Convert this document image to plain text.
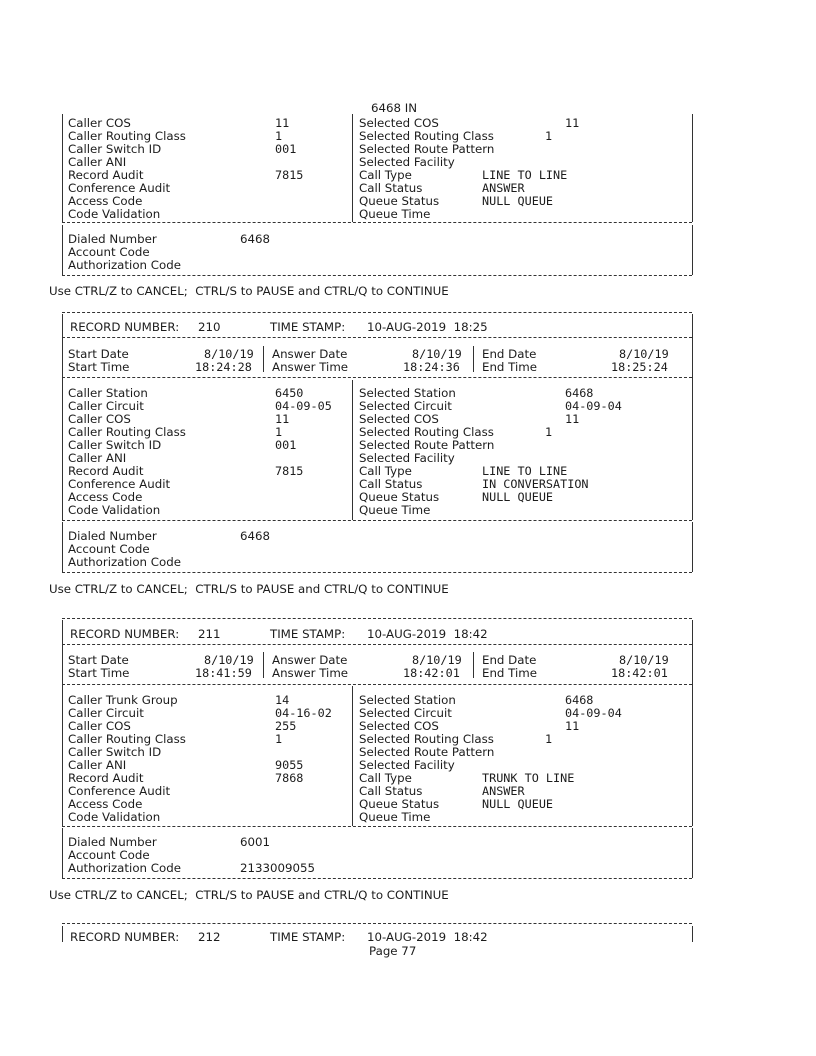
6468 IN
Caller COS	11	Selected COS	11
Caller Routing Class	1	Selected Routing Class	1
Caller Switch ID	001	Selected Route Pattern
Caller ANI	Selected Facility
Record Audit	7815	Call Type	LINE TO LINE
Conference Audit	Call Status	ANSWER
Access Code	Queue Status	NULL QUEUE
Code Validation	Queue Time
Dialed Number	6468
Account Code
Authorization Code
Use CTRL/Z to CANCEL;  CTRL/S to PAUSE and CTRL/Q to CONTINUE
RECORD NUMBER: 210	TIME STAMP: 10-AUG-2019  18:25
Start Date	8/10/19 Answer Date	8/10/19 End Date	8/10/19
Start Time	18:24:28 Answer Time	18:24:36 End Time	18:25:24
Caller Station	6450	Selected Station	6468
Caller Circuit	04-09-05 Selected Circuit	04-09-04
Caller COS	11	Selected COS	11
Caller Routing Class	1	Selected Routing Class	1
Caller Switch ID	001	Selected Route Pattern
Caller ANI	Selected Facility
Record Audit	7815	Call Type	LINE TO LINE
Conference Audit	Call Status	IN CONVERSATION
Access Code	Queue Status	NULL QUEUE
Code Validation	Queue Time
Dialed Number	6468
Account Code
Authorization Code
Use CTRL/Z to CANCEL;  CTRL/S to PAUSE and CTRL/Q to CONTINUE
RECORD NUMBER: 211	TIME STAMP: 10-AUG-2019  18:42
Start Date	8/10/19 Answer Date	8/10/19 End Date	8/10/19
Start Time	18:41:59 Answer Time	18:42:01 End Time	18:42:01
Caller Trunk Group	14	Selected Station	6468
Caller Circuit	04-16-02 Selected Circuit	04-09-04
Caller COS	255	Selected COS	11
Caller Routing Class	1	Selected Routing Class	1
Caller Switch ID	Selected Route Pattern
Caller ANI	9055	Selected Facility
Record Audit	7868	Call Type	TRUNK TO LINE
Conference Audit	Call Status	ANSWER
Access Code	Queue Status	NULL QUEUE
Code Validation	Queue Time
Dialed Number	6001
Account Code
Authorization Code	2133009055
Use CTRL/Z to CANCEL;  CTRL/S to PAUSE and CTRL/Q to CONTINUE
RECORD NUMBER: 212	TIME STAMP: 10-AUG-2019  18:42
Page 77
